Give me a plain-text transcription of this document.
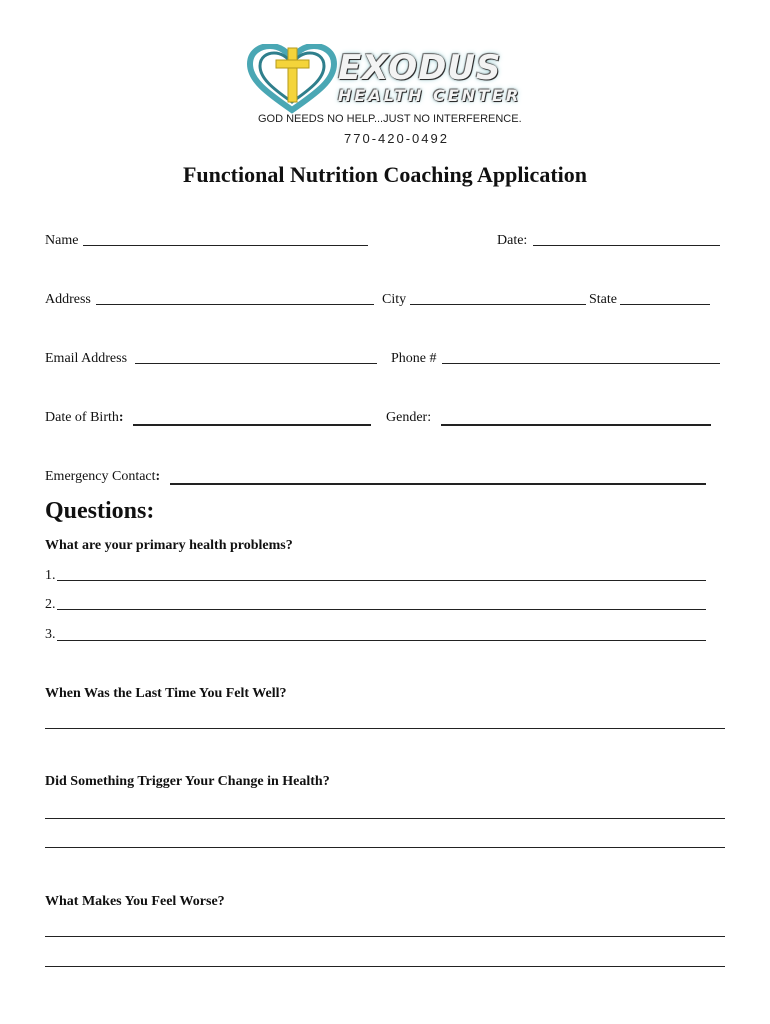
EXODUS
HEALTH CENTER
GOD NEEDS NO HELP...JUST NO INTERFERENCE.
770-420-0492
Functional Nutrition Coaching Application
Name	Date:
Address	City	State
Email Address	Phone #
Date of Birth:	Gender:
Emergency Contact:
Questions:
What are your primary health problems?
1.
2.
3.
When Was the Last Time You Felt Well?
Did Something Trigger Your Change in Health?
What Makes You Feel Worse?
